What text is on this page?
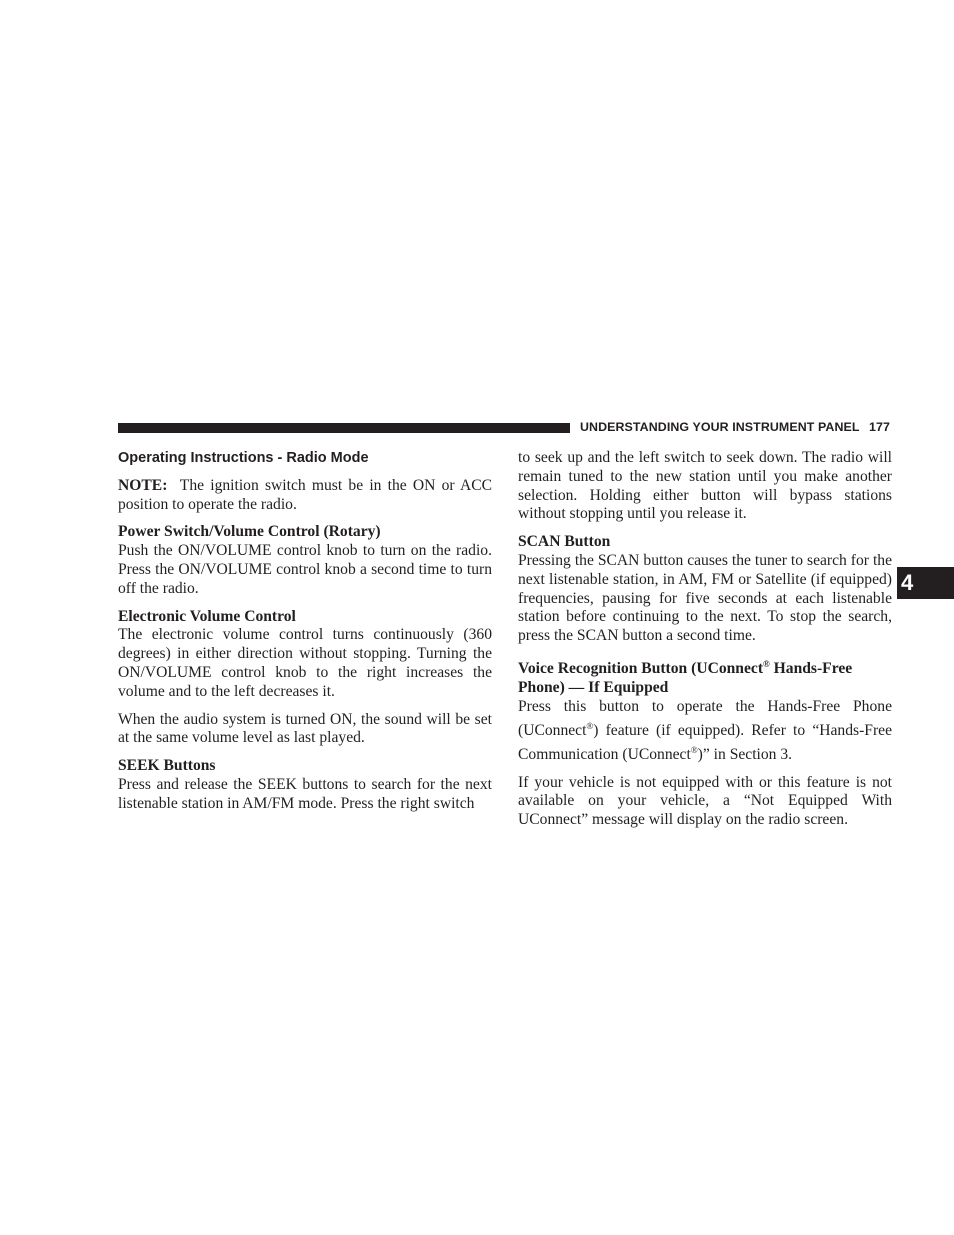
UNDERSTANDING YOUR INSTRUMENT PANEL 177
4
Operating Instructions - Radio Mode

NOTE: The ignition switch must be in the ON or ACC position to operate the radio.

Power Switch/Volume Control (Rotary)

Push the ON/VOLUME control knob to turn on the radio. Press the ON/VOLUME control knob a second time to turn off the radio.

Electronic Volume Control

The electronic volume control turns continuously (360 degrees) in either direction without stopping. Turning the ON/VOLUME control knob to the right increases the volume and to the left decreases it.

When the audio system is turned ON, the sound will be set at the same volume level as last played.

SEEK Buttons

Press and release the SEEK buttons to search for the next listenable station in AM/FM mode. Press the right switch

to seek up and the left switch to seek down. The radio will remain tuned to the new station until you make another selection. Holding either button will bypass stations without stopping until you release it.

SCAN Button

Pressing the SCAN button causes the tuner to search for the next listenable station, in AM, FM or Satellite (if equipped) frequencies, pausing for five seconds at each listenable station before continuing to the next. To stop the search, press the SCAN button a second time.

Voice Recognition Button (UConnect® Hands-Free Phone) — If Equipped

Press this button to operate the Hands-Free Phone (UConnect®) feature (if equipped). Refer to “Hands-Free Communication (UConnect®)” in Section 3.

If your vehicle is not equipped with or this feature is not available on your vehicle, a “Not Equipped With UConnect” message will display on the radio screen.
